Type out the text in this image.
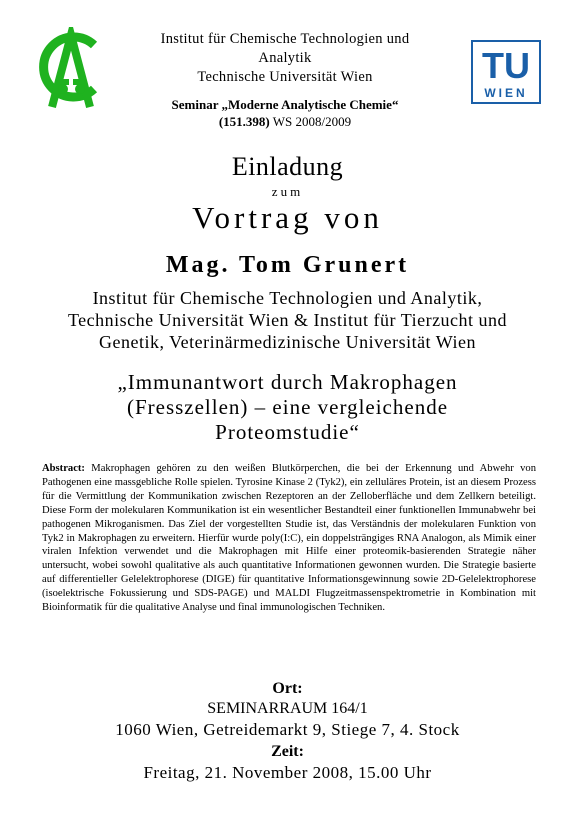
TU
WIEN
Institut für Chemische Technologien und
Analytik
Technische Universität Wien
Seminar „Moderne Analytische Chemie“
(151.398) WS 2008/2009
Einladung
zum
Vortrag von
Mag. Tom Grunert
Institut für Chemische Technologien und Analytik,
Technische Universität Wien & Institut für Tierzucht und
Genetik, Veterinärmedizinische Universität Wien
„Immunantwort durch Makrophagen
(Fresszellen) – eine vergleichende
Proteomstudie“
Abstract: Makrophagen gehören zu den weißen Blutkörperchen, die bei der Erkennung und Abwehr von Pathogenen eine massgebliche Rolle spielen. Tyrosine Kinase 2 (Tyk2), ein zelluläres Protein, ist an diesem Prozess für die Vermittlung der Kommunikation zwischen Rezeptoren an der Zelloberfläche und dem Zellkern beteiligt. Diese Form der molekularen Kommunikation ist ein wesentlicher Bestandteil einer funktionellen Immunabwehr bei pathogenen Mikroganismen. Das Ziel der vorgestellten Studie ist, das Verständnis der molekularen Funktion von Tyk2 in Makrophagen zu erweitern. Hierfür wurde poly(I:C), ein doppelsträngiges RNA Analogon, als Mimik einer viralen Infektion verwendet und die Makrophagen mit Hilfe einer proteomik-basierenden Strategie näher untersucht, wobei sowohl qualitative als auch quantitative Informationen gewonnen wurden. Die Strategie basierte auf differentieller Gelelektrophorese (DIGE) für quantitative Informationsgewinnung sowie 2D-Gelelektrophorese (isoelektrische Fokussierung und SDS-PAGE) und MALDI Flugzeitmassenspektrometrie in Kombination mit Bioinformatik für die qualitative Analyse und final immunologischen Techniken.
Ort:
SEMINARRAUM 164/1
1060 Wien, Getreidemarkt 9, Stiege 7, 4. Stock
Zeit:
Freitag, 21. November 2008, 15.00 Uhr
